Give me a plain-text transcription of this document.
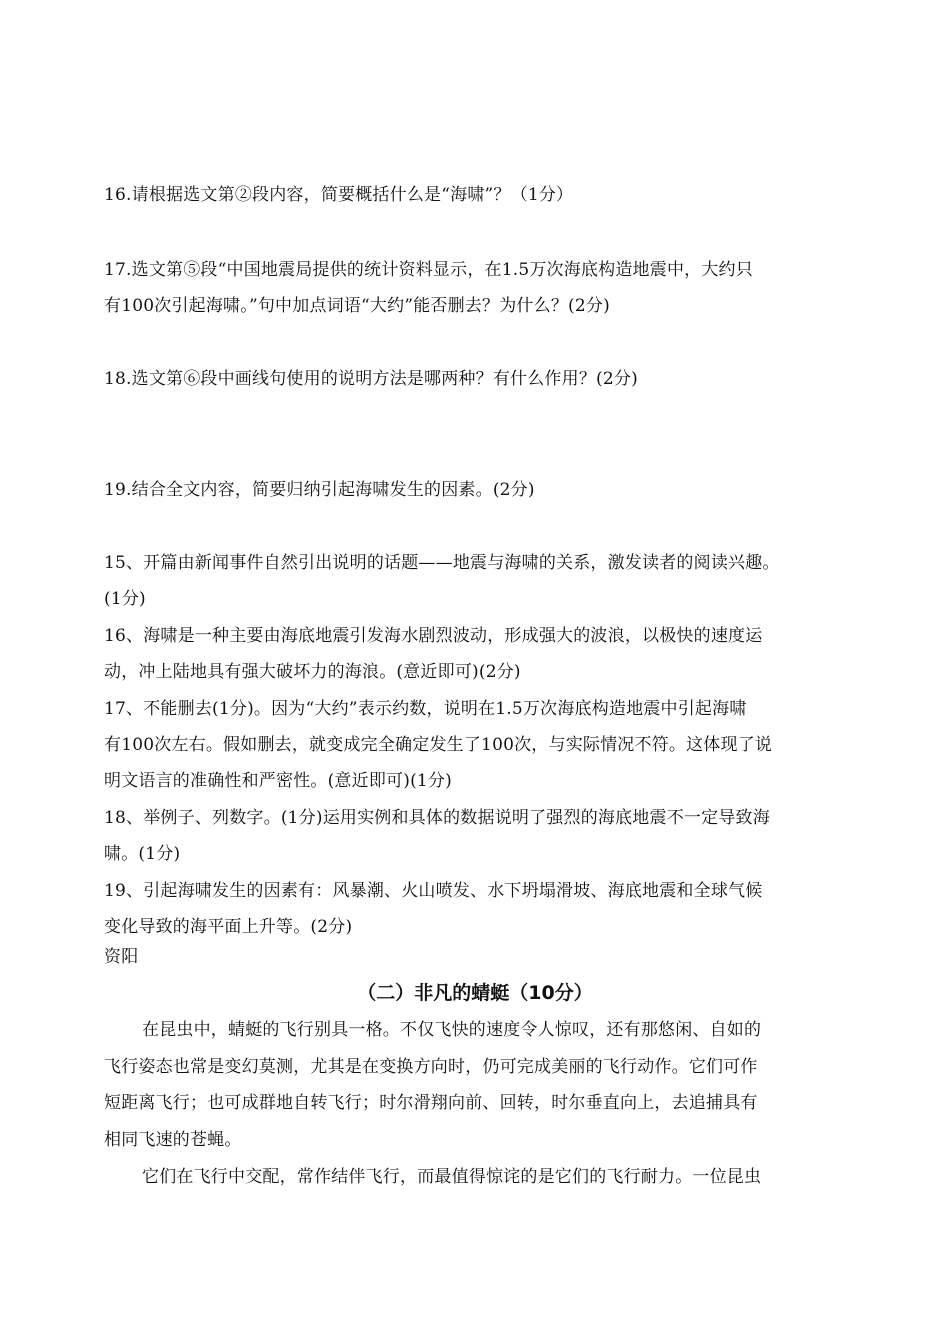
16.请根据选文第②段内容，简要概括什么是“海啸”？（1分）
17.选文第⑤段“中国地震局提供的统计资料显示，在1.5万次海底构造地震中，大约只
有100次引起海啸。”句中加点词语“大约”能否删去？为什么？(2分)
18.选文第⑥段中画线句使用的说明方法是哪两种？有什么作用？(2分)
19.结合全文内容，简要归纳引起海啸发生的因素。(2分)
15、开篇由新闻事件自然引出说明的话题——地震与海啸的关系，激发读者的阅读兴趣。
(1分)
16、海啸是一种主要由海底地震引发海水剧烈波动，形成强大的波浪，以极快的速度运
动，冲上陆地具有强大破坏力的海浪。(意近即可)(2分)
17、不能删去(1分)。因为“大约”表示约数，说明在1.5万次海底构造地震中引起海啸
有100次左右。假如删去，就变成完全确定发生了100次，与实际情况不符。这体现了说
明文语言的准确性和严密性。(意近即可)(1分)
18、举例子、列数字。(1分)运用实例和具体的数据说明了强烈的海底地震不一定导致海
啸。(1分)
19、引起海啸发生的因素有：风暴潮、火山喷发、水下坍塌滑坡、海底地震和全球气候
变化导致的海平面上升等。(2分)
资阳
（二）非凡的蜻蜓（10分）
在昆虫中，蜻蜓的飞行别具一格。不仅飞快的速度令人惊叹，还有那悠闲、自如的
飞行姿态也常是变幻莫测，尤其是在变换方向时，仍可完成美丽的飞行动作。它们可作
短距离飞行；也可成群地自转飞行；时尔滑翔向前、回转，时尔垂直向上，去追捕具有
相同飞速的苍蝇。
它们在飞行中交配，常作结伴飞行，而最值得惊诧的是它们的飞行耐力。一位昆虫
